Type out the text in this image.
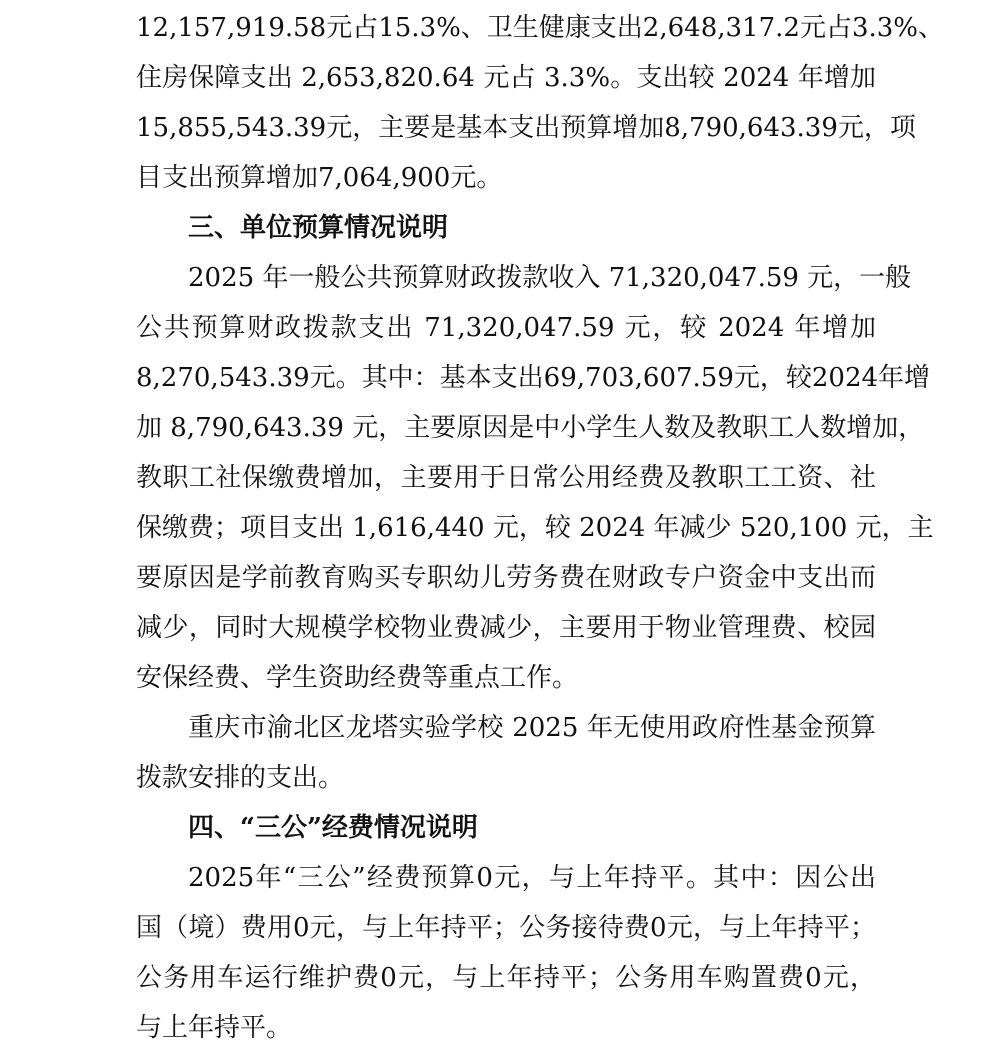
12,157,919.58元占15.3%、卫生健康支出2,648,317.2元占3.3%、
住房保障支出 2,653,820.64 元占 3.3%。支出较 2024 年增加
15,855,543.39元，主要是基本支出预算增加8,790,643.39元，项
目支出预算增加7,064,900元。
三、单位预算情况说明
2025 年一般公共预算财政拨款收入 71,320,047.59 元，一般
公共预算财政拨款支出 71,320,047.59 元，较 2024 年增加
8,270,543.39元。其中：基本支出69,703,607.59元，较2024年增
加 8,790,643.39 元，主要原因是中小学生人数及教职工人数增加，
教职工社保缴费增加，主要用于日常公用经费及教职工工资、社
保缴费；项目支出 1,616,440 元，较 2024 年减少 520,100 元，主
要原因是学前教育购买专职幼儿劳务费在财政专户资金中支出而
减少，同时大规模学校物业费减少，主要用于物业管理费、校园
安保经费、学生资助经费等重点工作。
重庆市渝北区龙塔实验学校 2025 年无使用政府性基金预算
拨款安排的支出。
四、“三公”经费情况说明
2025年“三公”经费预算0元，与上年持平。其中：因公出
国（境）费用0元，与上年持平；公务接待费0元，与上年持平；
公务用车运行维护费0元，与上年持平；公务用车购置费0元，
与上年持平。
